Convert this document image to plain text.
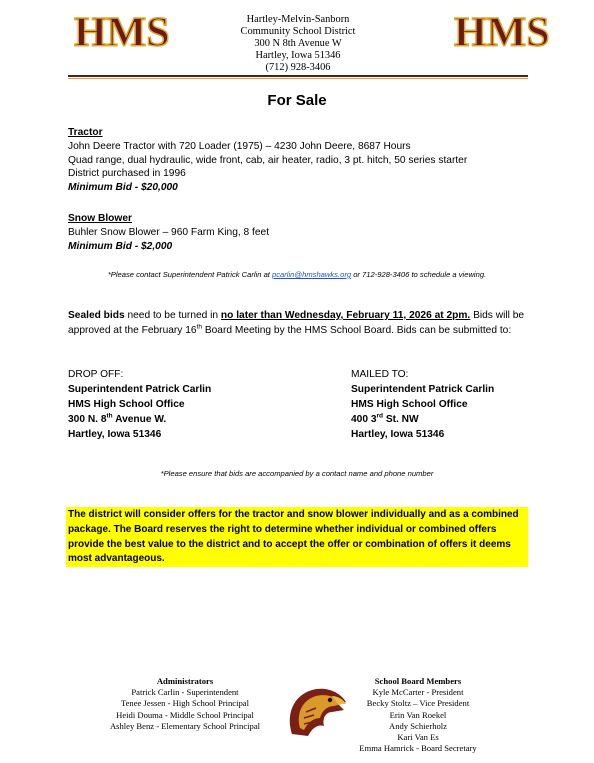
HMS	HMS
Hartley-Melvin-Sanborn
Community School District
300 N 8th Avenue W
Hartley, Iowa 51346
(712) 928-3406
For Sale
Tractor
John Deere Tractor with 720 Loader (1975) – 4230 John Deere, 8687 Hours
Quad range, dual hydraulic, wide front, cab, air heater, radio, 3 pt. hitch, 50 series starter
District purchased in 1996
Minimum Bid - $20,000
Snow Blower
Buhler Snow Blower – 960 Farm King, 8 feet
Minimum Bid - $2,000
*Please contact Superintendent Patrick Carlin at pcarlin@hmshawks.org or 712-928-3406 to schedule a viewing.
Sealed bids need to be turned in no later than Wednesday, February 11, 2026 at 2pm. Bids will be approved at the February 16th Board Meeting by the HMS School Board. Bids can be submitted to:
DROP OFF:
Superintendent Patrick Carlin
HMS High School Office
300 N. 8th Avenue W.
Hartley, Iowa 51346
MAILED TO:
Superintendent Patrick Carlin
HMS High School Office
400 3rd St. NW
Hartley, Iowa 51346
*Please ensure that bids are accompanied by a contact name and phone number
The district will consider offers for the tractor and snow blower individually and as a combined package. The Board reserves the right to determine whether individual or combined offers provide the best value to the district and to accept the offer or combination of offers it deems most advantageous.
Administrators
Patrick Carlin - Superintendent
Tenee Jessen - High School Principal
Heidi Douma - Middle School Principal
Ashley Benz - Elementary School Principal
School Board Members
Kyle McCarter - President
Becky Stoltz – Vice President
Erin Van Roekel
Andy Schierholz
Kari Van Es
Emma Hamrick - Board Secretary
